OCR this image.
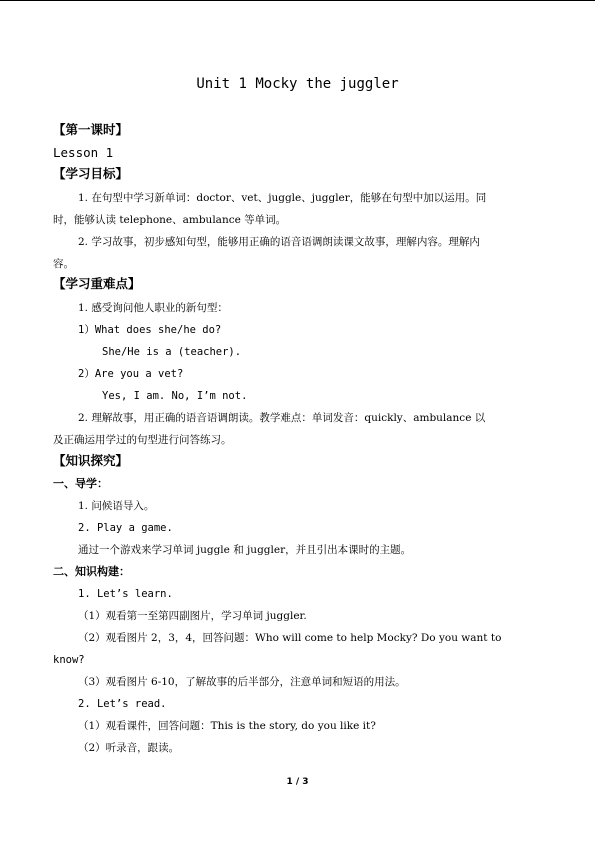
Unit 1 Mocky the juggler
【第一课时】
Lesson 1
【学习目标】
1. 在句型中学习新单词：doctor、vet、juggle、juggler，能够在句型中加以运用。同
时，能够认读 telephone、ambulance 等单词。
2. 学习故事，初步感知句型，能够用正确的语音语调朗读课文故事，理解内容。理解内
容。
【学习重难点】
1. 感受询问他人职业的新句型：
1）What does she/he do?
She/He is a (teacher).
2）Are you a vet?
Yes, I am. No, I’m not.
2. 理解故事，用正确的语音语调朗读。教学难点：单词发音：quickly、ambulance 以
及正确运用学过的句型进行问答练习。
【知识探究】
一、导学：
1. 问候语导入。
2. Play a game.
通过一个游戏来学习单词 juggle 和 juggler，并且引出本课时的主题。
二、知识构建：
1. Let’s learn.
（1）观看第一至第四副图片，学习单词 juggler.
（2）观看图片 2，3，4，回答问题：Who will come to help Mocky? Do you want to
know?
（3）观看图片 6-10，了解故事的后半部分，注意单词和短语的用法。
2. Let’s read.
（1）观看课件，回答问题：This is the story, do you like it?
（2）听录音，跟读。
1 / 3
